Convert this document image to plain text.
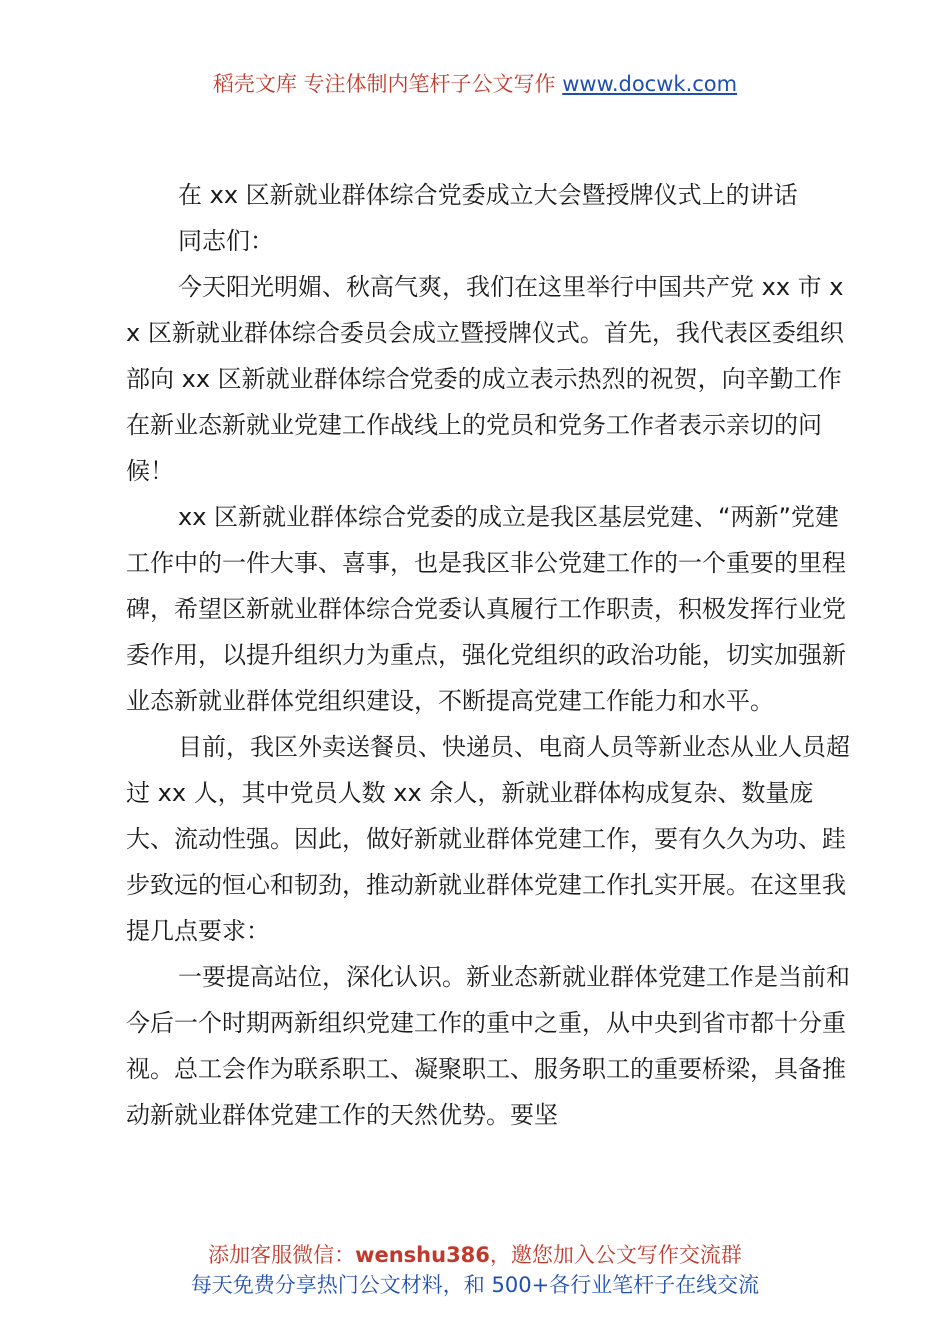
稻壳文库 专注体制内笔杆子公文写作 www.docwk.com

在 xx 区新就业群体综合党委成立大会暨授牌仪式上的讲话

同志们：

今天阳光明媚、秋高气爽，我们在这里举行中国共产党 xx 市 xx 区新就业群体综合委员会成立暨授牌仪式。首先，我代表区委组织部向 xx 区新就业群体综合党委的成立表示热烈的祝贺，向辛勤工作在新业态新就业党建工作战线上的党员和党务工作者表示亲切的问候！

xx 区新就业群体综合党委的成立是我区基层党建、“两新”党建工作中的一件大事、喜事，也是我区非公党建工作的一个重要的里程碑，希望区新就业群体综合党委认真履行工作职责，积极发挥行业党委作用，以提升组织力为重点，强化党组织的政治功能，切实加强新业态新就业群体党组织建设，不断提高党建工作能力和水平。

目前，我区外卖送餐员、快递员、电商人员等新业态从业人员超过 xx 人，其中党员人数 xx 余人，新就业群体构成复杂、数量庞大、流动性强。因此，做好新就业群体党建工作，要有久久为功、跬步致远的恒心和韧劲，推动新就业群体党建工作扎实开展。在这里我提几点要求：

一要提高站位，深化认识。新业态新就业群体党建工作是当前和今后一个时期两新组织党建工作的重中之重，从中央到省市都十分重视。总工会作为联系职工、凝聚职工、服务职工的重要桥梁，具备推动新就业群体党建工作的天然优势。要坚

添加客服微信：wenshu386，邀您加入公文写作交流群
每天免费分享热门公文材料，和 500+各行业笔杆子在线交流
